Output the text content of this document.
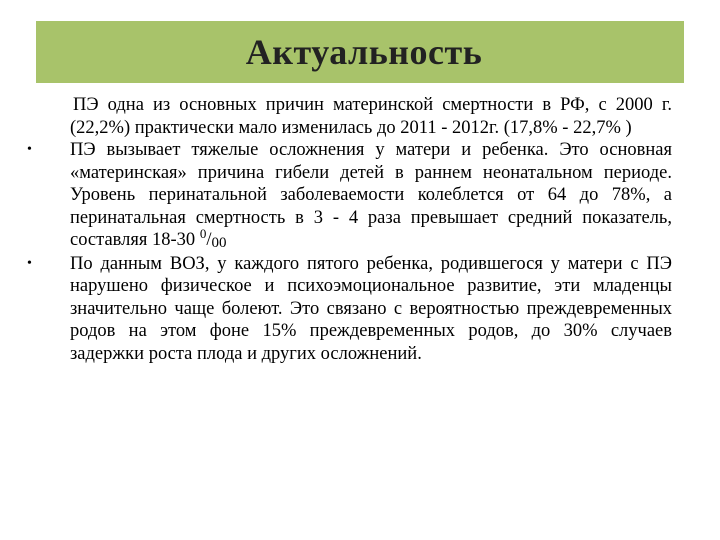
Актуальность
ПЭ одна из основных причин материнской смертности в РФ, с 2000 г. (22,2%) практически мало изменилась до 2011 - 2012г. (17,8% - 22,7% )
•	ПЭ вызывает тяжелые осложнения у матери и ребенка. Это основная «материнская» причина гибели детей в раннем неонатальном периоде. Уровень перинатальной заболеваемости колеблется от 64 до 78%, а перинатальная смертность в 3 - 4 раза превышает средний показатель, составляя 18-30 $^0$/00
•	По данным ВОЗ, у каждого пятого ребенка, родившегося у матери с ПЭ нарушено физическое и психоэмоциональное развитие, эти младенцы значительно чаще болеют. Это связано с вероятностью преждевременных родов на этом фоне 15% преждевременных родов, до 30% случаев задержки роста плода и других осложнений.
